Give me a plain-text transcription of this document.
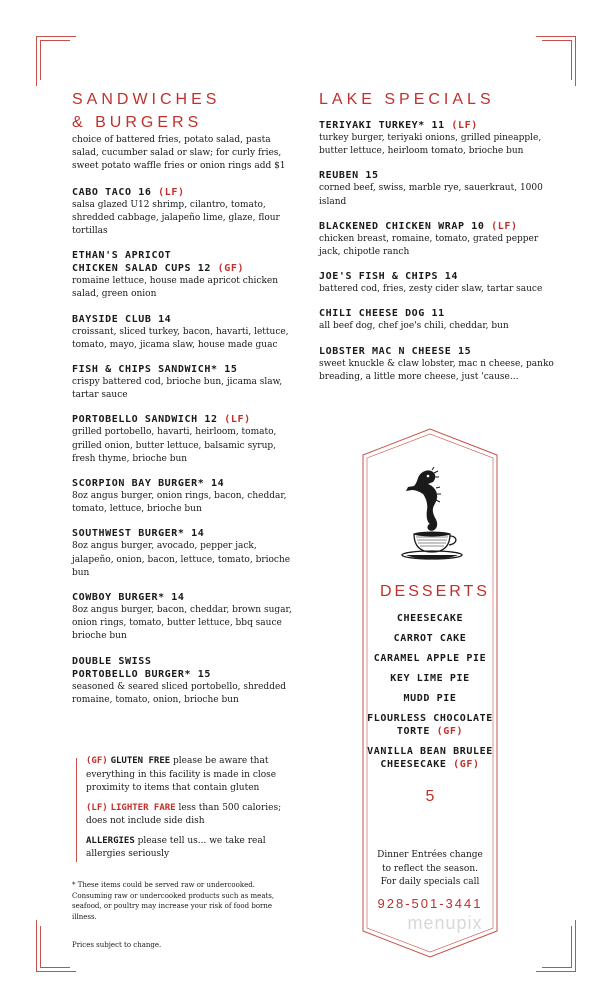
SANDWICHES
& BURGERS
choice of battered fries, potato salad, pasta salad, cucumber salad or slaw; for curly fries, sweet potato waffle fries or onion rings add $1
CABO TACO 16 (LF)
salsa glazed U12 shrimp, cilantro, tomato, shredded cabbage, jalapeño lime, glaze, flour tortillas
ETHAN'S APRICOT
CHICKEN SALAD CUPS 12 (GF)
romaine lettuce, house made apricot chicken salad, green onion
BAYSIDE CLUB 14
croissant, sliced turkey, bacon, havarti, lettuce, tomato, mayo, jicama slaw, house made guac
FISH & CHIPS SANDWICH* 15
crispy battered cod, brioche bun, jicama slaw, tartar sauce
PORTOBELLO SANDWICH 12 (LF)
grilled portobello, havarti, heirloom, tomato, grilled onion, butter lettuce, balsamic syrup, fresh thyme, brioche bun
SCORPION BAY BURGER* 14
8oz angus burger, onion rings, bacon, cheddar, tomato, lettuce, brioche bun
SOUTHWEST BURGER* 14
8oz angus burger, avocado, pepper jack, jalapeño, onion, bacon, lettuce, tomato, brioche bun
COWBOY BURGER* 14
8oz angus burger, bacon, cheddar, brown sugar, onion rings, tomato, butter lettuce, bbq sauce brioche bun
DOUBLE SWISS
PORTOBELLO BURGER* 15
seasoned & seared sliced portobello, shredded romaine, tomato, onion, brioche bun
(GF) GLUTEN FREE please be aware that everything in this facility is made in close proximity to items that contain gluten
(LF) LIGHTER FARE less than 500 calories; does not include side dish
ALLERGIES please tell us... we take real allergies seriously
* These items could be served raw or undercooked. Consuming raw or undercooked products such as meats, seafood, or poultry may increase your risk of food borne illness.
Prices subject to change.
LAKE SPECIALS
TERIYAKI TURKEY* 11 (LF)
turkey burger, teriyaki onions, grilled pineapple, butter lettuce, heirloom tomato, brioche bun
REUBEN 15
corned beef, swiss, marble rye, sauerkraut, 1000 island
BLACKENED CHICKEN WRAP 10 (LF)
chicken breast, romaine, tomato, grated pepper jack, chipotle ranch
JOE'S FISH & CHIPS 14
battered cod, fries, zesty cider slaw, tartar sauce
CHILI CHEESE DOG 11
all beef dog, chef joe's chili, cheddar, bun
LOBSTER MAC N CHEESE 15
sweet knuckle & claw lobster, mac n cheese, panko breading, a little more cheese, just 'cause...
DESSERTS
CHEESECAKE
CARROT CAKE
CARAMEL APPLE PIE
KEY LIME PIE
MUDD PIE
FLOURLESS CHOCOLATE
TORTE (GF)
VANILLA BEAN BRULEE
CHEESECAKE (GF)
5
Dinner Entrées change
to reflect the season.
For daily specials call
928-501-3441
menupix
